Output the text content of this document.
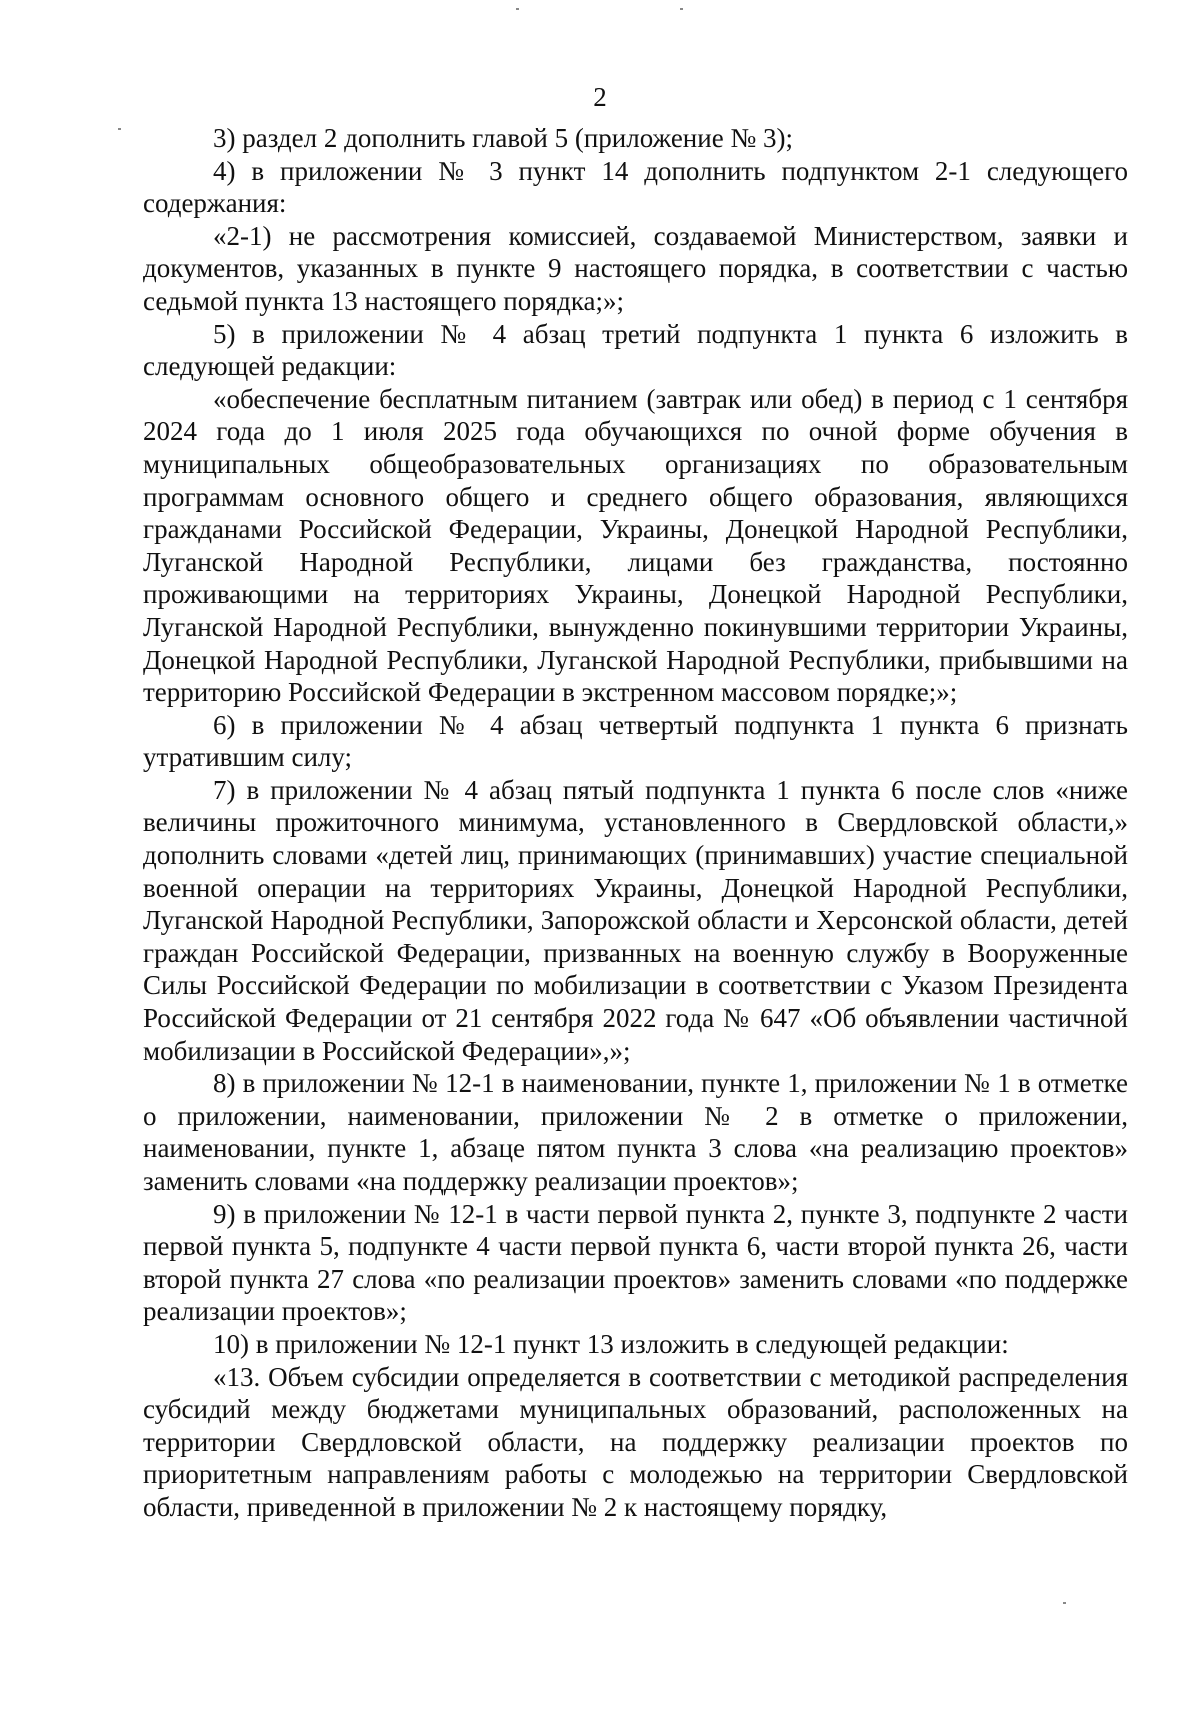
2

3) раздел 2 дополнить главой 5 (приложение № 3);

4) в приложении № 3 пункт 14 дополнить подпунктом 2-1 следующего содержания:

«2-1) не рассмотрения комиссией, создаваемой Министерством, заявки и документов, указанных в пункте 9 настоящего порядка, в соответствии с частью седьмой пункта 13 настоящего порядка;»;

5) в приложении № 4 абзац третий подпункта 1 пункта 6 изложить в следующей редакции:

«обеспечение бесплатным питанием (завтрак или обед) в период с 1 сентября 2024 года до 1 июля 2025 года обучающихся по очной форме обучения в муниципальных общеобразовательных организациях по образовательным программам основного общего и среднего общего образования, являющихся гражданами Российской Федерации, Украины, Донецкой Народной Республики, Луганской Народной Республики, лицами без гражданства, постоянно проживающими на территориях Украины, Донецкой Народной Республики, Луганской Народной Республики, вынужденно покинувшими территории Украины, Донецкой Народной Республики, Луганской Народной Республики, прибывшими на территорию Российской Федерации в экстренном массовом порядке;»;

6) в приложении № 4 абзац четвертый подпункта 1 пункта 6 признать утратившим силу;

7) в приложении № 4 абзац пятый подпункта 1 пункта 6 после слов «ниже величины прожиточного минимума, установленного в Свердловской области,» дополнить словами «детей лиц, принимающих (принимавших) участие специальной военной операции на территориях Украины, Донецкой Народной Республики, Луганской Народной Республики, Запорожской области и Херсонской области, детей граждан Российской Федерации, призванных на военную службу в Вооруженные Силы Российской Федерации по мобилизации в соответствии с Указом Президента Российской Федерации от 21 сентября 2022 года № 647 «Об объявлении частичной мобилизации в Российской Федерации»,»;

8) в приложении № 12-1 в наименовании, пункте 1, приложении № 1 в отметке о приложении, наименовании, приложении № 2 в отметке о приложении, наименовании, пункте 1, абзаце пятом пункта 3 слова «на реализацию проектов» заменить словами «на поддержку реализации проектов»;

9) в приложении № 12-1 в части первой пункта 2, пункте 3, подпункте 2 части первой пункта 5, подпункте 4 части первой пункта 6, части второй пункта 26, части второй пункта 27 слова «по реализации проектов» заменить словами «по поддержке реализации проектов»;

10) в приложении № 12-1 пункт 13 изложить в следующей редакции:

«13. Объем субсидии определяется в соответствии с методикой распределения субсидий между бюджетами муниципальных образований, расположенных на территории Свердловской области, на поддержку реализации проектов по приоритетным направлениям работы с молодежью на территории Свердловской области, приведенной в приложении № 2 к настоящему порядку,
